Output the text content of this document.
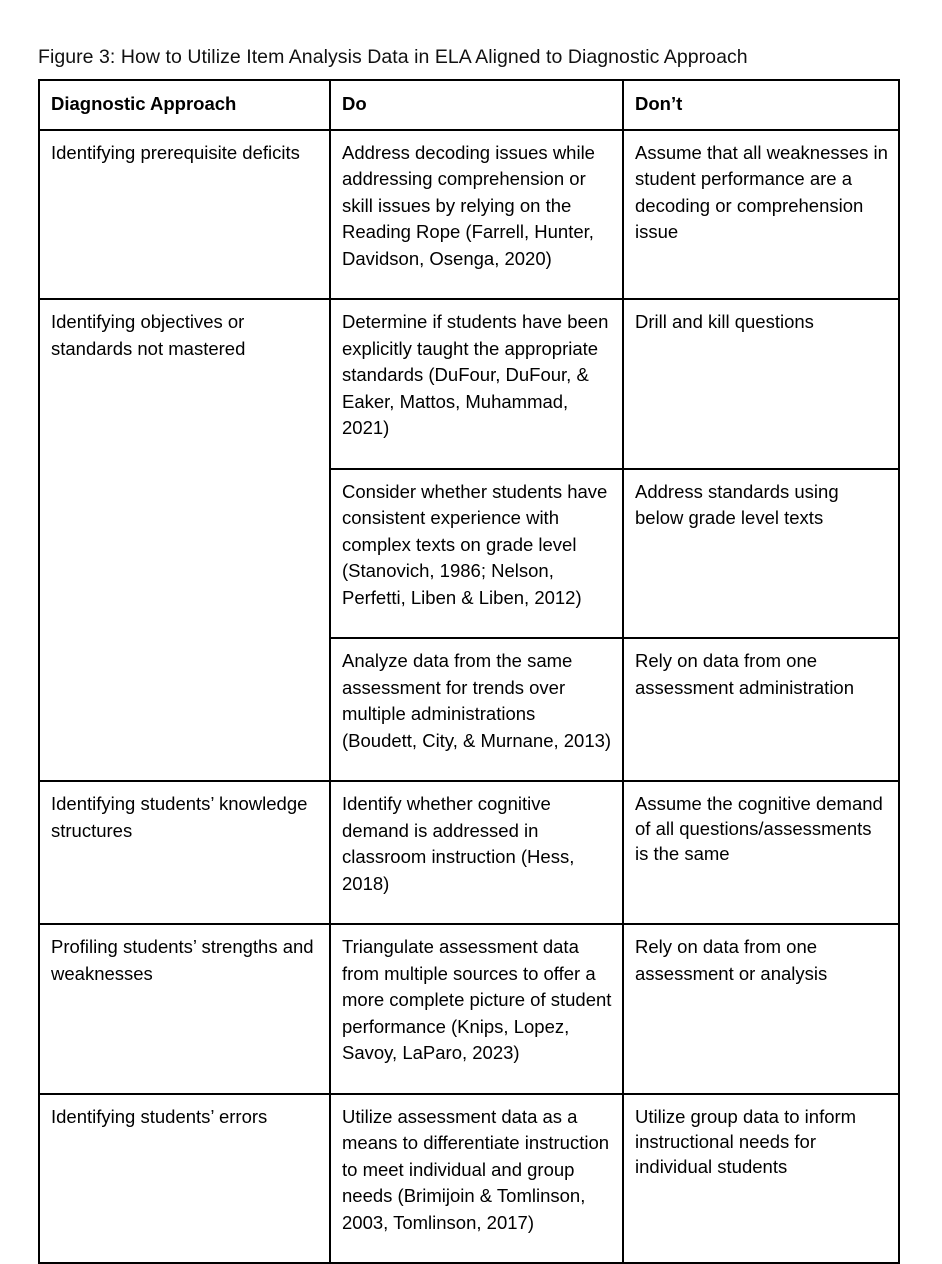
Figure 3: How to Utilize Item Analysis Data in ELA Aligned to Diagnostic Approach
Diagnostic Approach	Do	Don’t
Identifying prerequisite deficits	Address decoding issues while addressing comprehension or skill issues by relying on the Reading Rope (Farrell, Hunter, Davidson, Osenga, 2020)	Assume that all weaknesses in student performance are a decoding or comprehension issue
Identifying objectives or standards not mastered	Determine if students have been explicitly taught the appropriate standards (DuFour, DuFour, & Eaker, Mattos, Muhammad, 2021)	Drill and kill questions
	Consider whether students have consistent experience with complex texts on grade level (Stanovich, 1986; Nelson, Perfetti, Liben & Liben, 2012)	Address standards using below grade level texts
	Analyze data from the same assessment for trends over multiple administrations (Boudett, City, & Murnane, 2013)	Rely on data from one assessment administration
Identifying students’ knowledge structures	Identify whether cognitive demand is addressed in classroom instruction (Hess, 2018)	Assume the cognitive demand of all questions/assessments is the same
Profiling students’ strengths and weaknesses	Triangulate assessment data from multiple sources to offer a more complete picture of student performance (Knips, Lopez, Savoy, LaParo, 2023)	Rely on data from one assessment or analysis
Identifying students’ errors	Utilize assessment data as a means to differentiate instruction to meet individual and group needs (Brimijoin & Tomlinson, 2003, Tomlinson, 2017)	Utilize group data to inform instructional needs for individual students
